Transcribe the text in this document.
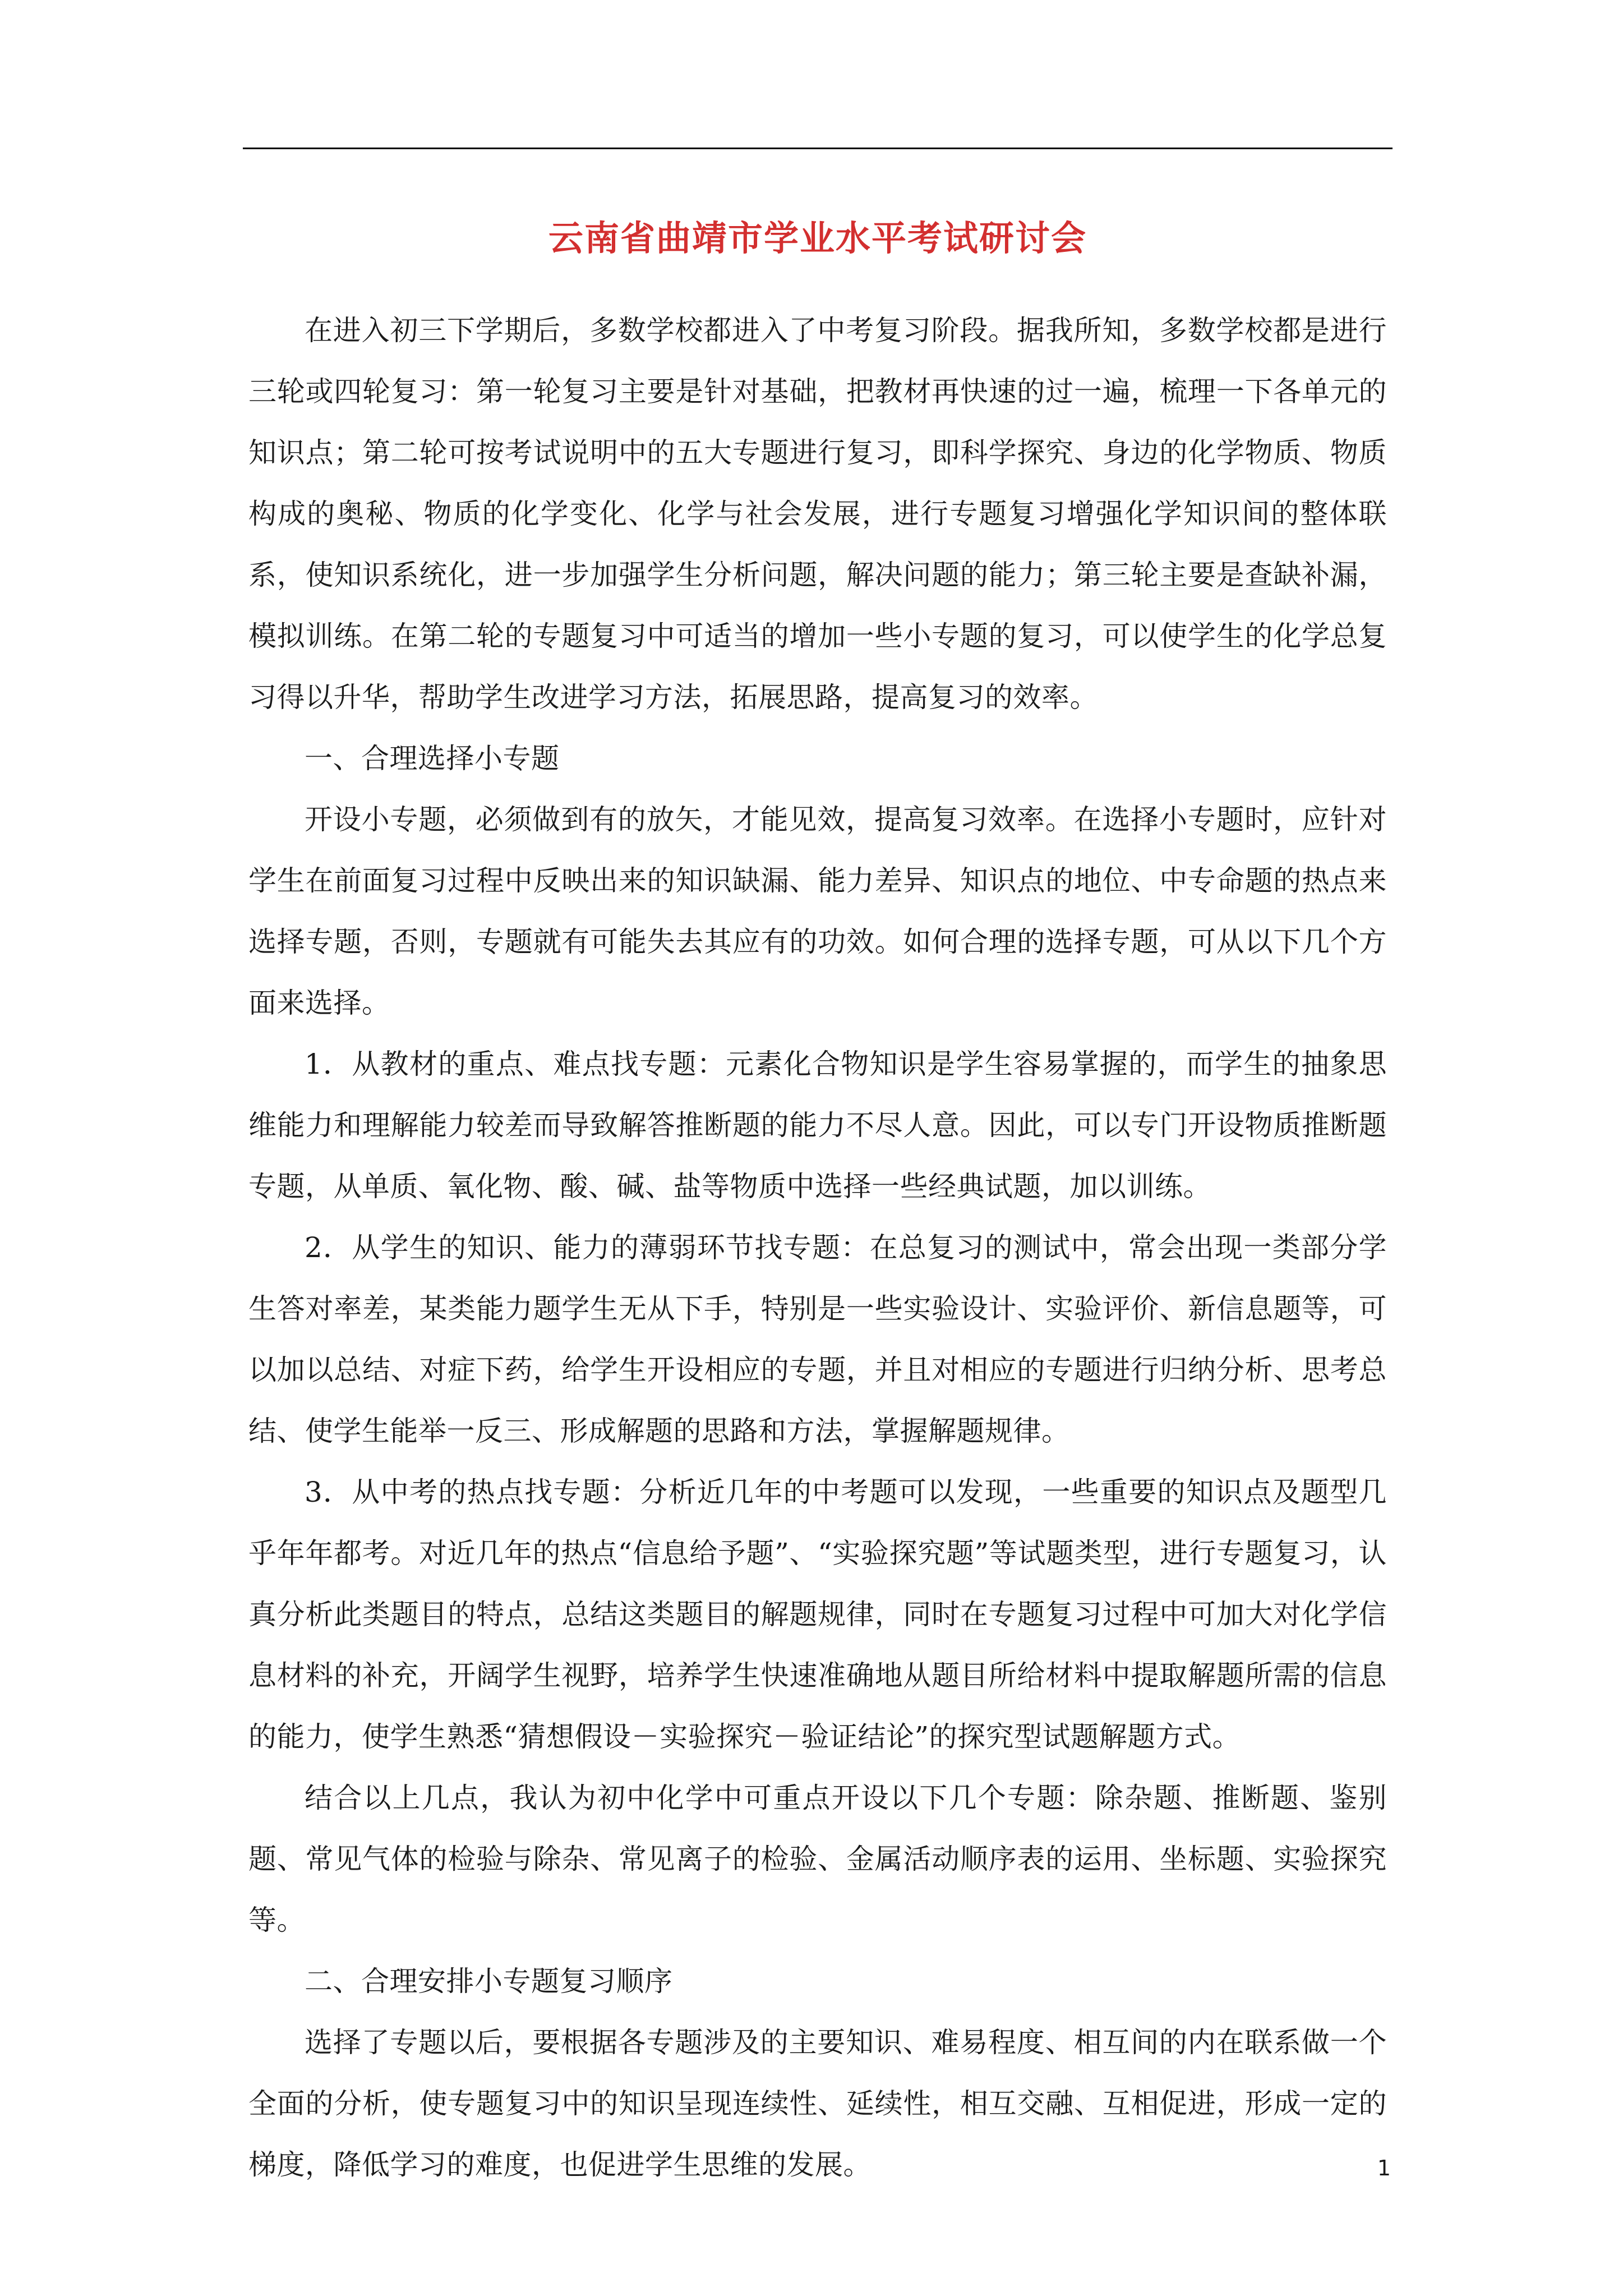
云南省曲靖市学业水平考试研讨会

在进入初三下学期后，多数学校都进入了中考复习阶段。据我所知，多数学校都是进行三轮或四轮复习：第一轮复习主要是针对基础，把教材再快速的过一遍，梳理一下各单元的知识点；第二轮可按考试说明中的五大专题进行复习，即科学探究、身边的化学物质、物质构成的奥秘、物质的化学变化、化学与社会发展，进行专题复习增强化学知识间的整体联系，使知识系统化，进一步加强学生分析问题，解决问题的能力；第三轮主要是查缺补漏，模拟训练。在第二轮的专题复习中可适当的增加一些小专题的复习，可以使学生的化学总复习得以升华，帮助学生改进学习方法，拓展思路，提高复习的效率。

一、合理选择小专题

开设小专题，必须做到有的放矢，才能见效，提高复习效率。在选择小专题时，应针对学生在前面复习过程中反映出来的知识缺漏、能力差异、知识点的地位、中专命题的热点来选择专题，否则，专题就有可能失去其应有的功效。如何合理的选择专题，可从以下几个方面来选择。

1．从教材的重点、难点找专题：元素化合物知识是学生容易掌握的，而学生的抽象思维能力和理解能力较差而导致解答推断题的能力不尽人意。因此，可以专门开设物质推断题专题，从单质、氧化物、酸、碱、盐等物质中选择一些经典试题，加以训练。

2．从学生的知识、能力的薄弱环节找专题：在总复习的测试中，常会出现一类部分学生答对率差，某类能力题学生无从下手，特别是一些实验设计、实验评价、新信息题等，可以加以总结、对症下药，给学生开设相应的专题，并且对相应的专题进行归纳分析、思考总结、使学生能举一反三、形成解题的思路和方法，掌握解题规律。

3．从中考的热点找专题：分析近几年的中考题可以发现，一些重要的知识点及题型几乎年年都考。对近几年的热点“信息给予题”、“实验探究题”等试题类型，进行专题复习，认真分析此类题目的特点，总结这类题目的解题规律，同时在专题复习过程中可加大对化学信息材料的补充，开阔学生视野，培养学生快速准确地从题目所给材料中提取解题所需的信息的能力，使学生熟悉“猜想假设－实验探究－验证结论”的探究型试题解题方式。

结合以上几点，我认为初中化学中可重点开设以下几个专题：除杂题、推断题、鉴别题、常见气体的检验与除杂、常见离子的检验、金属活动顺序表的运用、坐标题、实验探究等。

二、合理安排小专题复习顺序

选择了专题以后，要根据各专题涉及的主要知识、难易程度、相互间的内在联系做一个全面的分析，使专题复习中的知识呈现连续性、延续性，相互交融、互相促进，形成一定的梯度，降低学习的难度，也促进学生思维的发展。	1
